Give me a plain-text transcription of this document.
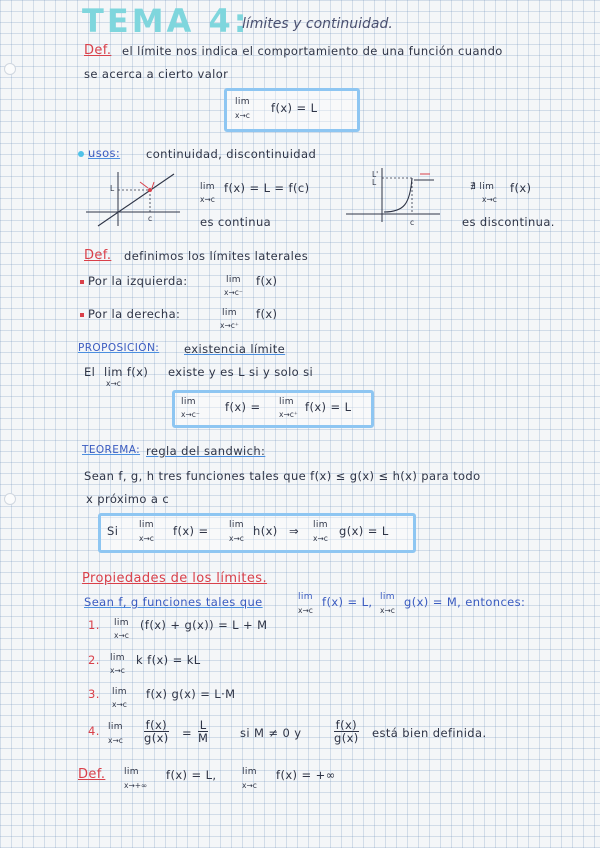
TEMA 4:
límites y continuidad.
Def. el límite nos indica el comportamiento de una función cuando
se acerca a cierto valor
lim
x→c
f(x) = L
usos: continuidad, discontinuidad
L
c
lim
x→c
f(x) = L = f(c)
es continua
L'
L
c
∄ lim
x→c
f(x)
es discontinua.
Def. definimos los límites laterales
Por la izquierda:	lim
x→c⁻
f(x)
Por la derecha:	lim
x→c⁺
f(x)
PROPOSICIÓN: existencia límite
El lim f(x)
x→c
existe y es L si y solo si
lim
x→c⁻
f(x) = lim
x→c⁺
f(x) = L
TEOREMA: regla del sandwich:
Sean f, g, h tres funciones tales que f(x) ≤ g(x) ≤ h(x) para todo
x próximo a c
Si lim
x→c
f(x) = lim
x→c
h(x) ⇒ lim
x→c
g(x) = L
Propiedades de los límites.
Sean f, g funciones tales que	lim
x→c
f(x) = L, lim
x→c
g(x) = M, entonces:
1. lim
x→c
(f(x) + g(x)) = L + M
2. lim
x→c
k f(x) = kL
3. lim
x→c
f(x) g(x) = L·M
4. lim
$x\to c \frac{f(x)}{g(x)} = \frac{L}{M}$	si M ≠ 0 y	$\frac{f(x)}{g(x)}$ está bien definida.
Def. lim
x→+∞
f(x) = L,	lim
x→c
f(x) = +∞
